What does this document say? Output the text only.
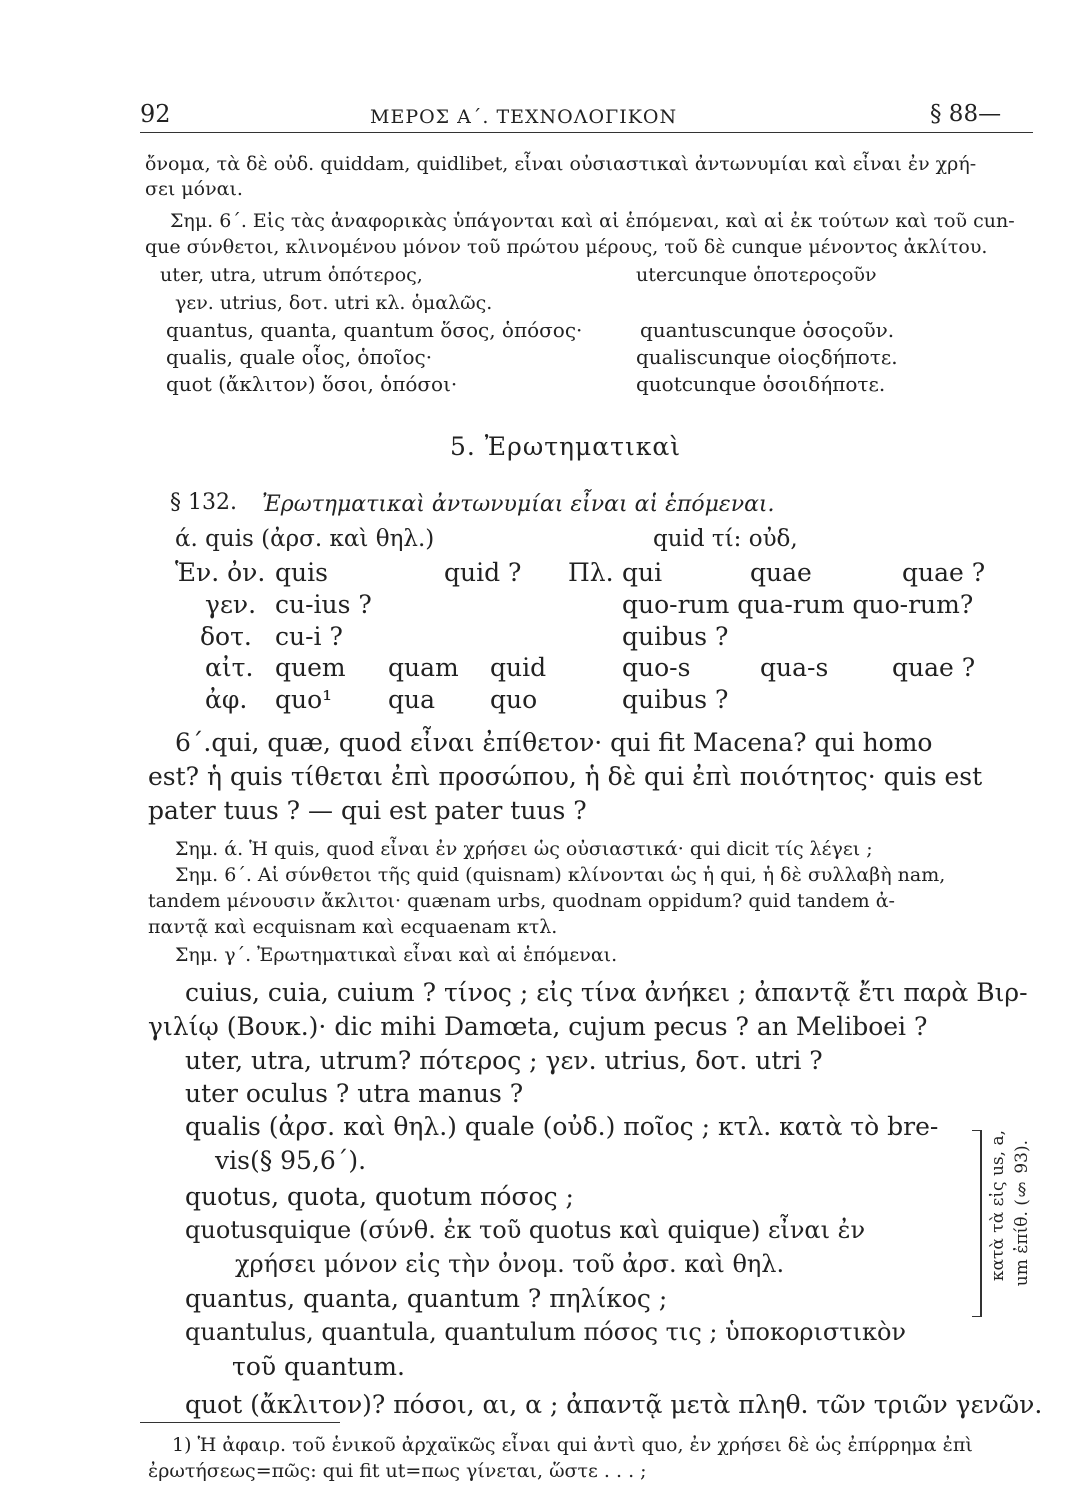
92	ΜΕΡΟΣ Α΄. ΤΕΧΝΟΛΟΓΙΚΟΝ	§ 88—
ὄνομα, τὰ δὲ οὐδ. quiddam, quidlibet, εἶναι οὐσιαστικαὶ ἀντωνυμίαι καὶ εἶναι ἐν χρή-
σει μόναι.
Σημ. 6΄. Εἰς τὰς ἀναφορικὰς ὑπάγονται καὶ αἱ ἑπόμεναι, καὶ αἱ ἐκ τούτων καὶ τοῦ cun-
que σύνθετοι, κλινομένου μόνον τοῦ πρώτου μέρους, τοῦ δὲ cunque μένοντος ἀκλίτου.
uter, utra, utrum ὁπότερος,	utercunque ὁποτεροςοῦν
γεν. utrius, δοτ. utri κλ. ὁμαλῶς.
quantus, quanta, quantum ὅσος, ὁπόσος·	quantuscunque ὁσοςοῦν.
qualis, quale οἷος, ὁποῖος·	qualiscunque οἱοςδήποτε.
quot (ἄκλιτον) ὅσοι, ὁπόσοι·	quotcunque ὁσοιδήποτε.
5. Ἐρωτηματικαὶ
§ 132. Ἐρωτηματικαὶ ἀντωνυμίαι εἶναι αἱ ἑπόμεναι.
ά. quis (ἀρσ. καὶ θηλ.)	quid τί: οὐδ,
Ἑν. ὀν. quis	quid ? Πλ. qui	quae	quae ?
γεν. cu-ius ?	quo-rum qua-rum quo-rum?
δοτ. cu-i ?	quibus ?
αἰτ. quem quam quid	quo-s	qua-s	quae ?
ἀφ. quo¹ qua quo	quibus ?
6΄.qui, quæ, quod εἶναι ἐπίθετον· qui fit Macena? qui homo
est? ἡ quis τίθεται ἐπὶ προσώπου, ἡ δὲ qui ἐπὶ ποιότητος· quis est
pater tuus ? — qui est pater tuus ?
Σημ. ά. Ἡ quis, quod εἶναι ἐν χρήσει ὡς οὐσιαστικά· qui dicit τίς λέγει ;
Σημ. 6΄. Αἱ σύνθετοι τῆς quid (quisnam) κλίνονται ὡς ἡ qui, ἡ δὲ συλλαβὴ nam,
tandem μένουσιν ἄκλιτοι· quænam urbs, quodnam oppidum? quid tandem ἀ-
παντᾷ καὶ ecquisnam καὶ ecquaenam κτλ.
Σημ. γ΄. Ἐρωτηματικαὶ εἶναι καὶ αἱ ἑπόμεναι.
cuius, cuia, cuium ? τίνος ; εἰς τίνα ἀνήκει ; ἀπαντᾷ ἔτι παρὰ Βιρ-
γιλίῳ (Βουκ.)· dic mihi Damœta, cujum pecus ? an Meliboei ?
uter, utra, utrum? πότερος ; γεν. utrius, δοτ. utri ?
uter oculus ? utra manus ?
qualis (ἀρσ. καὶ θηλ.) quale (οὐδ.) ποῖος ; κτλ. κατὰ τὸ bre-
vis(§ 95,6΄).
quotus, quota, quotum πόσος ;
quotusquique (σύνθ. ἐκ τοῦ quotus καὶ quique) εἶναι ἐν
χρήσει μόνον εἰς τὴν ὀνομ. τοῦ ἀρσ. καὶ θηλ.
quantus, quanta, quantum ? πηλίκος ;
quantulus, quantula, quantulum πόσος τις ; ὑποκοριστικὸν
τοῦ quantum.
quot (ἄκλιτον)? πόσοι, αι, α ; ἀπαντᾷ μετὰ πληθ. τῶν τριῶν γενῶν.
κατὰ τὰ εἰς us, a, um ἐπίθ. (§ 93).
1) Ἡ ἀφαιρ. τοῦ ἑνικοῦ ἀρχαϊκῶς εἶναι qui ἀντὶ quo, ἐν χρήσει δὲ ὡς ἐπίρρημα ἐπὶ
ἐρωτήσεως=πῶς: qui fit ut=πως γίνεται, ὥστε . . . ;
